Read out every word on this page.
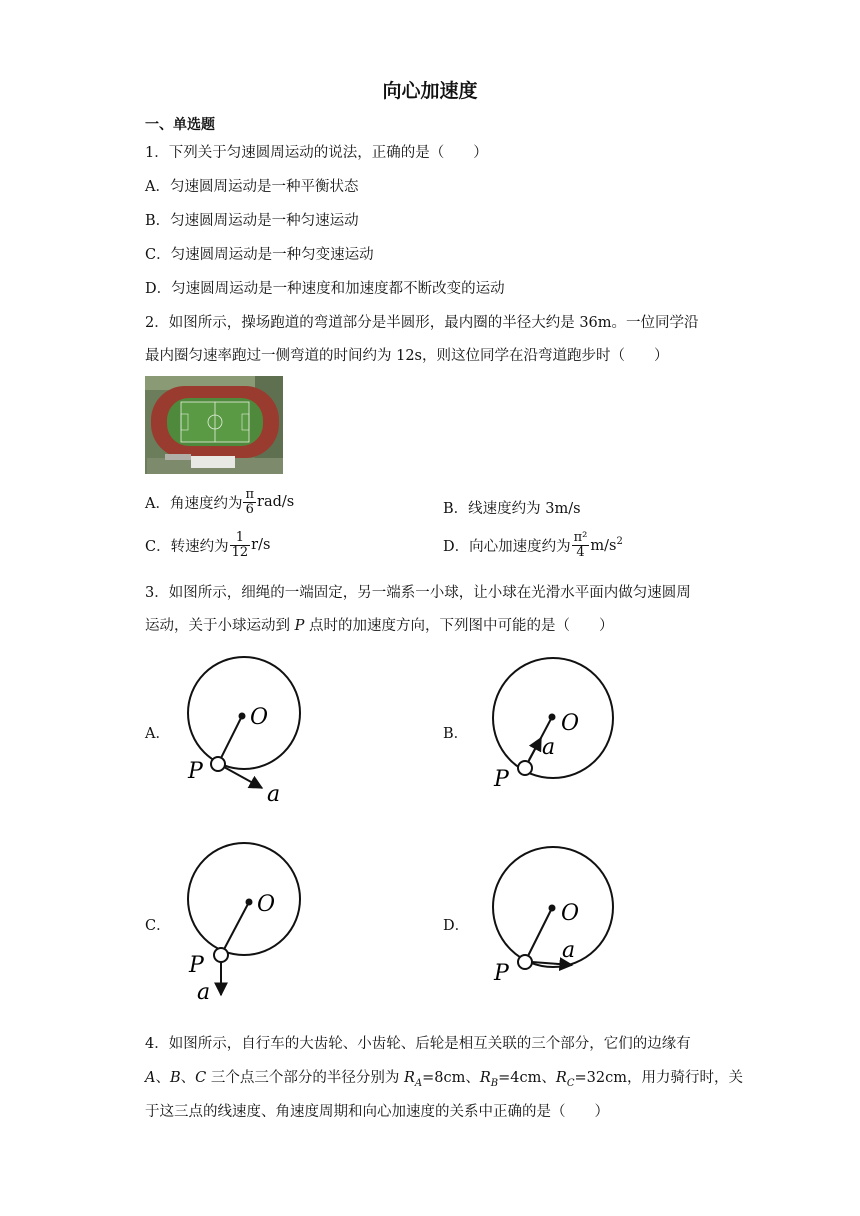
向心加速度
一、单选题
1．下列关于匀速圆周运动的说法，正确的是（　　）
A．匀速圆周运动是一种平衡状态
B．匀速圆周运动是一种匀速运动
C．匀速圆周运动是一种匀变速运动
D．匀速圆周运动是一种速度和加速度都不断改变的运动
2．如图所示，操场跑道的弯道部分是半圆形，最内圈的半径大约是 36m。一位同学沿
最内圈匀速率跑过一侧弯道的时间约为 12s，则这位同学在沿弯道跑步时（　　）
A．角速度约为 $\frac{\pi}{6} rad/s$	B．线速度约为 3m/s
C．转速约为 $\frac{1}{12} r/s$	D．向心加速度约为 $\frac{\text{π²}}{4} m/s^2$
3．如图所示，细绳的一端固定，另一端系一小球，让小球在光滑水平面内做匀速圆周
运动，关于小球运动到 P 点时的加速度方向，下列图中可能的是（　　）
A．	B．
C．	D．
O
P
a
O
P
a
O
P
a
O
P
a
4．如图所示，自行车的大齿轮、小齿轮、后轮是相互关联的三个部分，它们的边缘有
A、B、C 三个点三个部分的半径分别为 $R_A=8cm$、$R_B=4cm$、$R_C=32cm$，用力骑行时，关
于这三点的线速度、角速度周期和向心加速度的关系中正确的是（　　）
